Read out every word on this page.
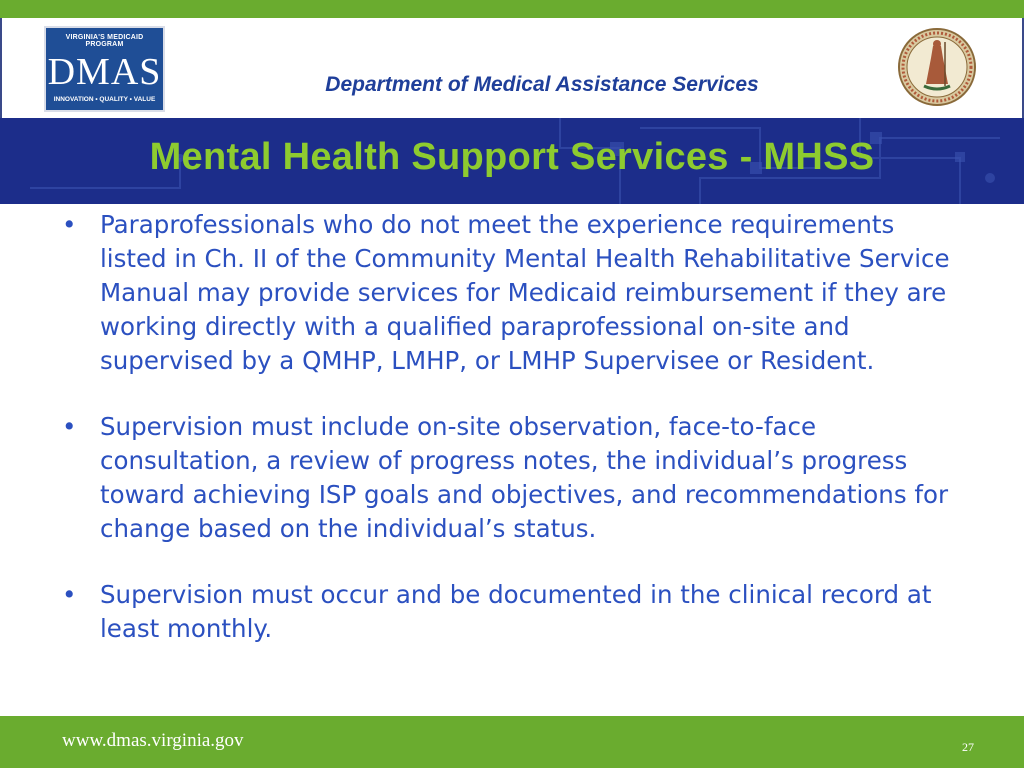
VIRGINIA'S MEDICAID PROGRAM
DMAS
INNOVATION • QUALITY • VALUE
Department of Medical Assistance Services
Mental Health Support Services - MHSS
• Paraprofessionals who do not meet the experience requirements listed in Ch. II of the Community Mental Health Rehabilitative Service Manual may provide services for Medicaid reimbursement if they are working directly with a qualified paraprofessional on-site and supervised by a QMHP, LMHP, or LMHP Supervisee or Resident.
• Supervision must include on-site observation, face-to-face consultation, a review of progress notes, the individual’s progress toward achieving ISP goals and objectives, and recommendations for change based on the individual’s status.
• Supervision must occur and be documented in the clinical record at least monthly.
www.dmas.virginia.gov	27
